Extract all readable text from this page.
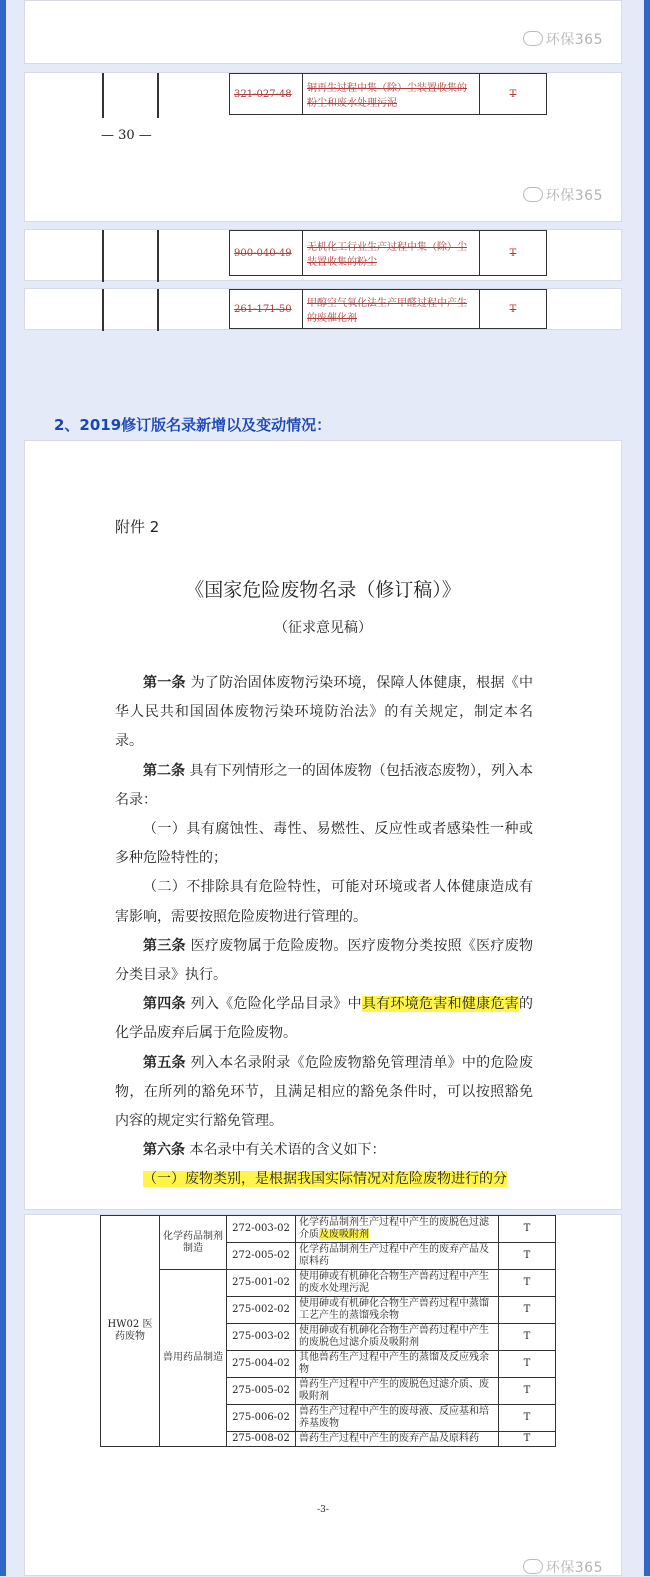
环保365
321-027-48	铜再生过程中集（除）尘装置收集的粉尘和废水处理污泥	T
— 30 —
环保365
900-040-49	无机化工行业生产过程中集（除）尘装置收集的粉尘	T
261-171-50	甲醇空气氧化法生产甲醛过程中产生的废催化剂	T
2、2019修订版名录新增以及变动情况：
附件 2
《国家危险废物名录（修订稿）》
（征求意见稿）

第一条 为了防治固体废物污染环境，保障人体健康，根据《中华人民共和国固体废物污染环境防治法》的有关规定，制定本名录。

第二条 具有下列情形之一的固体废物（包括液态废物），列入本名录：

（一）具有腐蚀性、毒性、易燃性、反应性或者感染性一种或多种危险特性的；

（二）不排除具有危险特性，可能对环境或者人体健康造成有害影响，需要按照危险废物进行管理的。

第三条 医疗废物属于危险废物。医疗废物分类按照《医疗废物分类目录》执行。

第四条 列入《危险化学品目录》中具有环境危害和健康危害的化学品废弃后属于危险废物。

第五条 列入本名录附录《危险废物豁免管理清单》中的危险废物，在所列的豁免环节，且满足相应的豁免条件时，可以按照豁免内容的规定实行豁免管理。

第六条 本名录中有关术语的含义如下：

（一）废物类别，是根据我国实际情况对危险废物进行的分

HW02 医药废物	化学药品制剂制造	272-003-02	化学药品制剂生产过程中产生的废脱色过滤介质及废吸附剂	T
		272-005-02	化学药品制剂生产过程中产生的废弃产品及原料药	T
	兽用药品制造	275-001-02	使用砷或有机砷化合物生产兽药过程中产生的废水处理污泥	T
		275-002-02	使用砷或有机砷化合物生产兽药过程中蒸馏工艺产生的蒸馏残余物	T
		275-003-02	使用砷或有机砷化合物生产兽药过程中产生的废脱色过滤介质及吸附剂	T
		275-004-02	其他兽药生产过程中产生的蒸馏及反应残余物	T
		275-005-02	兽药生产过程中产生的废脱色过滤介质、废吸附剂	T
		275-006-02	兽药生产过程中产生的废母液、反应基和培养基废物	T
		275-008-02	兽药生产过程中产生的废弃产品及原料药	T
-3-
环保365
